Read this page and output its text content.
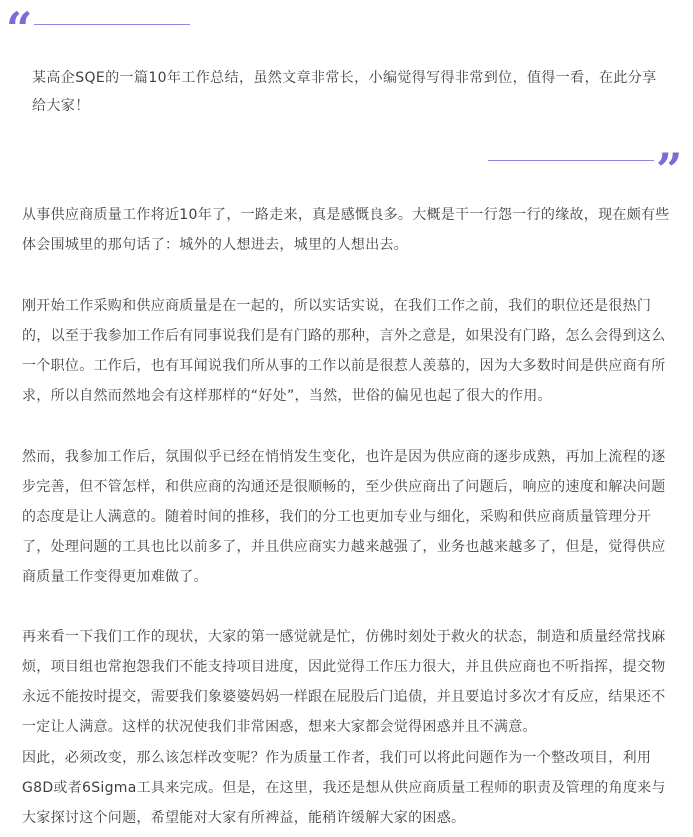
“
某高企SQE的一篇10年工作总结，虽然文章非常长，小编觉得写得非常到位，值得一看，在此分享给大家！
”

从事供应商质量工作将近10年了，一路走来，真是感慨良多。大概是干一行怨一行的缘故，现在颇有些体会围城里的那句话了：城外的人想进去，城里的人想出去。

刚开始工作采购和供应商质量是在一起的，所以实话实说，在我们工作之前，我们的职位还是很热门的，以至于我参加工作后有同事说我们是有门路的那种，言外之意是，如果没有门路，怎么会得到这么一个职位。工作后，也有耳闻说我们所从事的工作以前是很惹人羡慕的，因为大多数时间是供应商有所求，所以自然而然地会有这样那样的“好处”，当然，世俗的偏见也起了很大的作用。

然而，我参加工作后，氛围似乎已经在悄悄发生变化，也许是因为供应商的逐步成熟，再加上流程的逐步完善，但不管怎样，和供应商的沟通还是很顺畅的，至少供应商出了问题后，响应的速度和解决问题的态度是让人满意的。随着时间的推移，我们的分工也更加专业与细化，采购和供应商质量管理分开了，处理问题的工具也比以前多了，并且供应商实力越来越强了，业务也越来越多了，但是，觉得供应商质量工作变得更加难做了。

再来看一下我们工作的现状，大家的第一感觉就是忙，仿佛时刻处于救火的状态，制造和质量经常找麻烦，项目组也常抱怨我们不能支持项目进度，因此觉得工作压力很大，并且供应商也不听指挥，提交物永远不能按时提交，需要我们象婆婆妈妈一样跟在屁股后门追债，并且要追讨多次才有反应，结果还不一定让人满意。这样的状况使我们非常困惑，想来大家都会觉得困惑并且不满意。

因此，必须改变，那么该怎样改变呢？作为质量工作者，我们可以将此问题作为一个整改项目，利用G8D或者6Sigma工具来完成。但是，在这里，我还是想从供应商质量工程师的职责及管理的角度来与大家探讨这个问题，希望能对大家有所裨益，能稍许缓解大家的困惑。
